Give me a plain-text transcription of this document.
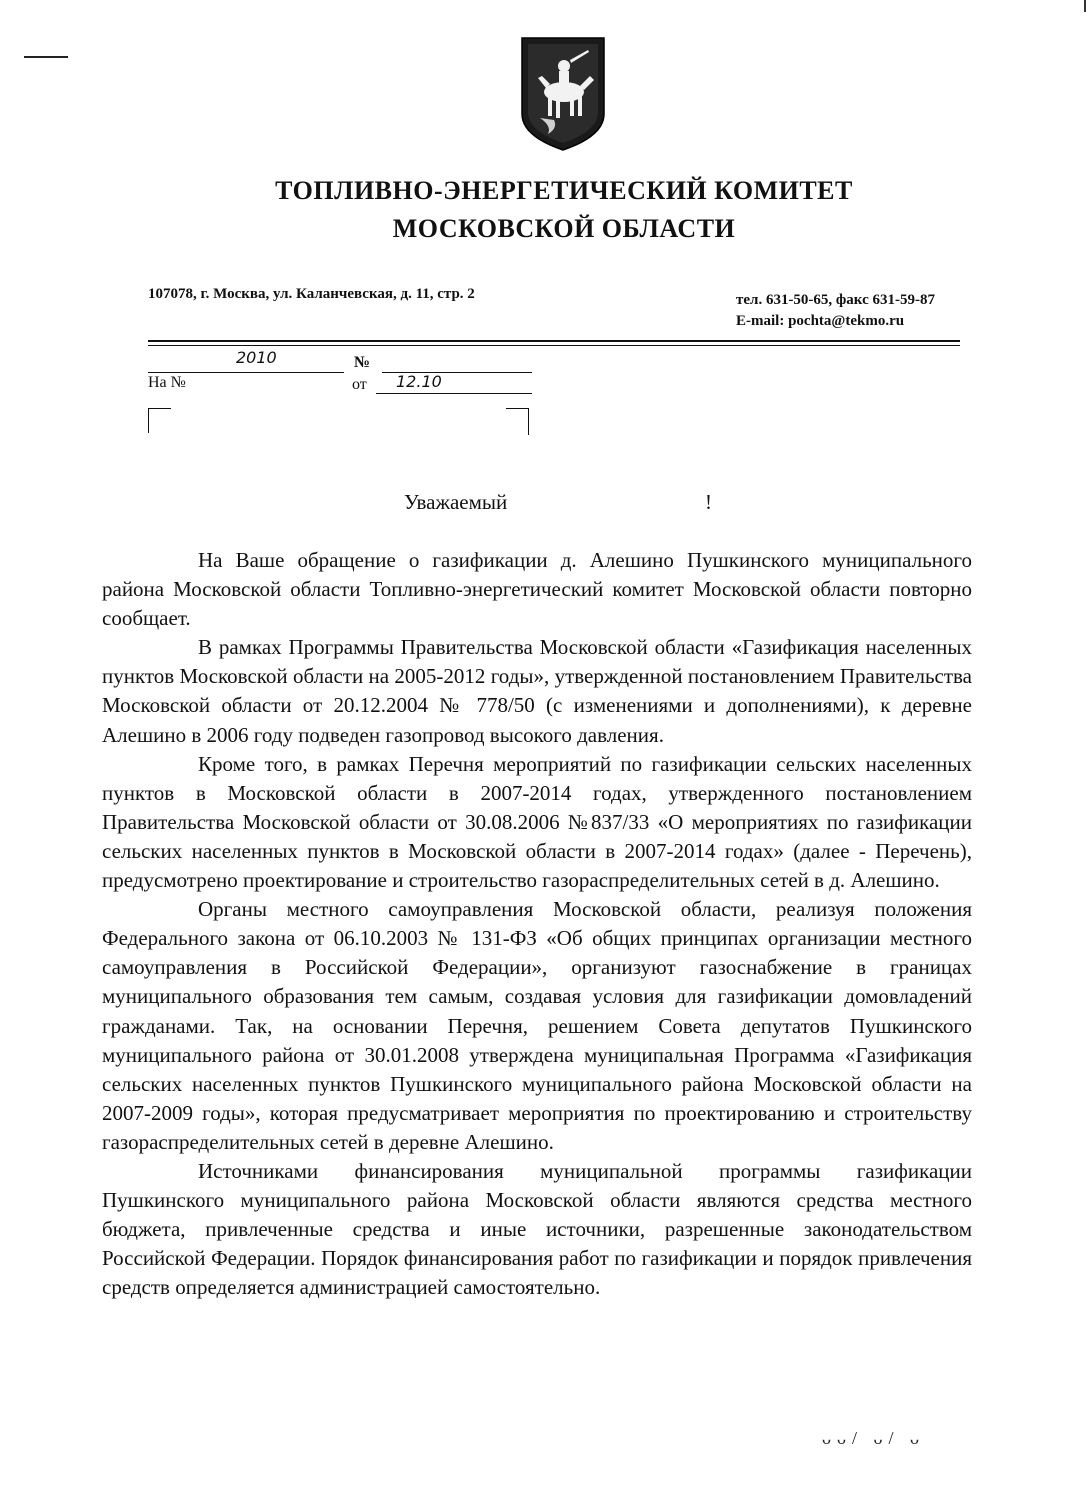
ТОПЛИВНО-ЭНЕРГЕТИЧЕСКИЙ КОМИТЕТ
МОСКОВСКОЙ ОБЛАСТИ
107078, г. Москва, ул. Каланчевская, д. 11, стр. 2	тел. 631-50-65, факс 631-59-87
E-mail: pochta@tekmo.ru
2010	№
На №	от 12.10
Уважаемый	!

На Ваше обращение о газификации д. Алешино Пушкинского муниципального района Московской области Топливно-энергетический комитет Московской области повторно сообщает.

В рамках Программы Правительства Московской области «Газификация населенных пунктов Московской области на 2005-2012 годы», утвержденной постановлением Правительства Московской области от 20.12.2004 № 778/50 (с изменениями и дополнениями), к деревне Алешино в 2006 году подведен газопровод высокого давления.

Кроме того, в рамках Перечня мероприятий по газификации сельских населенных пунктов в Московской области в 2007-2014 годах, утвержденного постановлением Правительства Московской области от 30.08.2006 №837/33 «О мероприятиях по газификации сельских населенных пунктов в Московской области в 2007-2014 годах» (далее - Перечень), предусмотрено проектирование и строительство газораспределительных сетей в д. Алешино.

Органы местного самоуправления Московской области, реализуя положения Федерального закона от 06.10.2003 № 131-ФЗ «Об общих принципах организации местного самоуправления в Российской Федерации», организуют газоснабжение в границах муниципального образования тем самым, создавая условия для газификации домовладений гражданами. Так, на основании Перечня, решением Совета депутатов Пушкинского муниципального района от 30.01.2008 утверждена муниципальная Программа «Газификация сельских населенных пунктов Пушкинского муниципального района Московской области на 2007-2009 годы», которая предусматривает мероприятия по проектированию и строительству газораспределительных сетей в деревне Алешино.

Источниками финансирования муниципальной программы газификации Пушкинского муниципального района Московской области являются средства местного бюджета, привлеченные средства и иные источники, разрешенные законодательством Российской Федерации. Порядок финансирования работ по газификации и порядок привлечения средств определяется администрацией самостоятельно.

ᴗᴗ/ ᴗ/ ᴗ
